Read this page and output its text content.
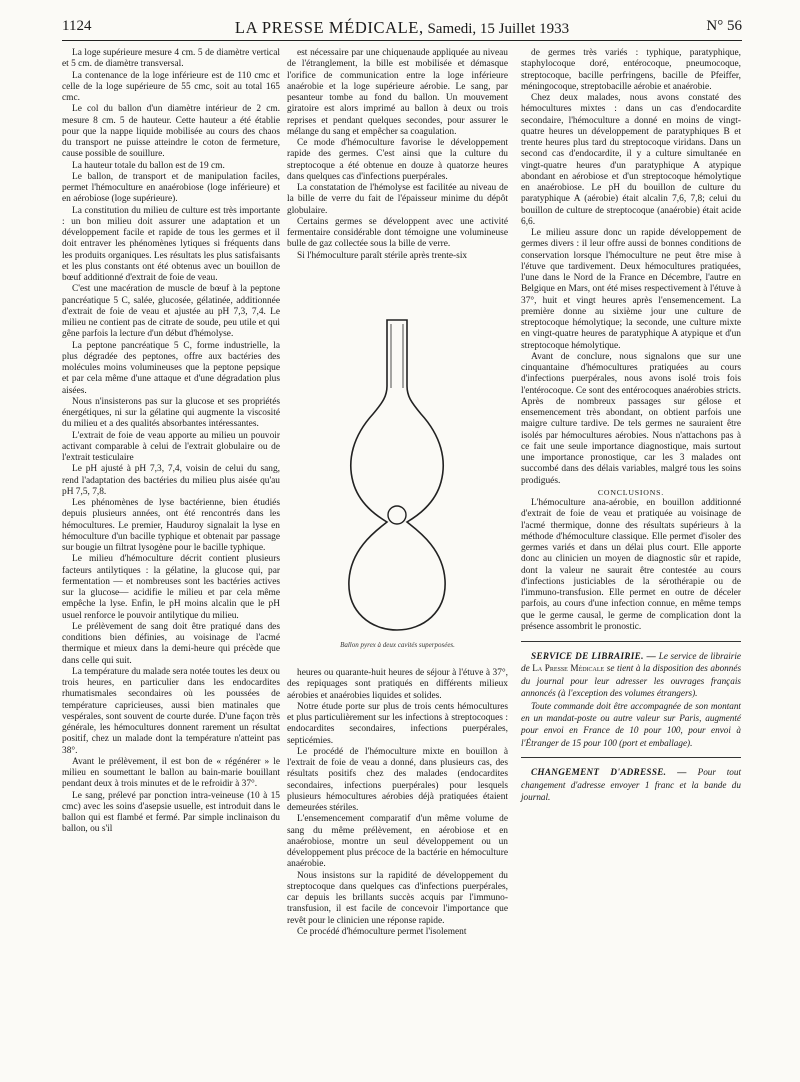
1124	LA PRESSE MÉDICALE, Samedi, 15 Juillet 1933	N° 56

La loge supérieure mesure 4 cm. 5 de diamètre vertical et 5 cm. de diamètre transversal.

La contenance de la loge inférieure est de 110 cmc et celle de la loge supérieure de 55 cmc, soit au total 165 cmc.

Le col du ballon d'un diamètre intérieur de 2 cm. mesure 8 cm. 5 de hauteur. Cette hauteur a été établie pour que la nappe liquide mobilisée au cours des chaos du transport ne puisse atteindre le coton de fermeture, cause possible de souillure.

La hauteur totale du ballon est de 19 cm.

Le ballon, de transport et de manipulation faciles, permet l'hémoculture en anaérobiose (loge inférieure) et en aérobiose (loge supérieure).

La constitution du milieu de culture est très importante : un bon milieu doit assurer une adaptation et un développement facile et rapide de tous les germes et il doit entraver les phénomènes lytiques si fréquents dans les produits organiques. Les résultats les plus satisfaisants et les plus constants ont été obtenus avec un bouillon de bœuf additionné d'extrait de foie de veau.

C'est une macération de muscle de bœuf à la peptone pancréatique 5 C, salée, glucosée, gélatinée, additionnée d'extrait de foie de veau et ajustée au pH 7,3, 7,4. Le milieu ne contient pas de citrate de soude, peu utile et qui gêne parfois la lecture d'un début d'hémolyse.

La peptone pancréatique 5 C, forme industrielle, la plus dégradée des peptones, offre aux bactéries des molécules moins volumineuses que la peptone pepsique et par cela même d'une attaque et d'une dégradation plus aisées.

Nous n'insisterons pas sur la glucose et ses propriétés énergétiques, ni sur la gélatine qui augmente la viscosité du milieu et a des qualités absorbantes intéressantes.

L'extrait de foie de veau apporte au milieu un pouvoir activant comparable à celui de l'extrait globulaire ou de l'extrait testiculaire

Le pH ajusté à pH 7,3, 7,4, voisin de celui du sang, rend l'adaptation des bactéries du milieu plus aisée qu'au pH 7,5, 7,8.

Les phénomènes de lyse bactérienne, bien étudiés depuis plusieurs années, ont été rencontrés dans les hémocultures. Le premier, Hauduroy signalait la lyse en hémoculture d'un bacille typhique et obtenait par passage sur bougie un filtrat lysogène pour le bacille typhique.

Le milieu d'hémoculture décrit contient plusieurs facteurs antilytiques : la gélatine, la glucose qui, par fermentation — et nombreuses sont les bactéries actives sur la glucose— acidifie le milieu et par cela même empêche la lyse. Enfin, le pH moins alcalin que le pH usuel renforce le pouvoir antilytique du milieu.

Le prélèvement de sang doit être pratiqué dans des conditions bien définies, au voisinage de l'acmé thermique et mieux dans la demi-heure qui précède que dans celle qui suit.

La température du malade sera notée toutes les deux ou trois heures, en particulier dans les endocardites rhumatismales secondaires où les poussées de température capricieuses, aussi bien matinales que vespérales, sont souvent de courte durée. D'une façon très générale, les hémocultures donnent rarement un résultat positif, chez un malade dont la température n'atteint pas 38°.

Avant le prélèvement, il est bon de « régénérer » le milieu en soumettant le ballon au bain-marie bouillant pendant deux à trois minutes et de le refroidir à 37°.

Le sang, prélevé par ponction intra-veineuse (10 à 15 cmc) avec les soins d'asepsie usuelle, est introduit dans le ballon qui est flambé et fermé. Par simple inclinaison du ballon, ou s'il

est nécessaire par une chiquenaude appliquée au niveau de l'étranglement, la bille est mobilisée et démasque l'orifice de communication entre la loge inférieure anaérobie et la loge supérieure aérobie. Le sang, par pesanteur tombe au fond du ballon. Un mouvement giratoire est alors imprimé au ballon à deux ou trois reprises et pendant quelques secondes, pour assurer le mélange du sang et empêcher sa coagulation.

Ce mode d'hémoculture favorise le développement rapide des germes. C'est ainsi que la culture du streptocoque a été obtenue en douze à quatorze heures dans quelques cas d'infections puerpérales.

La constatation de l'hémolyse est facilitée au niveau de la bille de verre du fait de l'épaisseur minime du dépôt globulaire.

Certains germes se développent avec une activité fermentaire considérable dont témoigne une volumineuse bulle de gaz collectée sous la bille de verre.

Si l'hémoculture paraît stérile après trente-six

Ballon pyrex à deux cavités superposées.

heures ou quarante-huit heures de séjour à l'étuve à 37°, des repiquages sont pratiqués en différents milieux aérobies et anaérobies liquides et solides.

Notre étude porte sur plus de trois cents hémocultures et plus particulièrement sur les infections à streptocoques : endocardites secondaires, infections puerpérales, septicémies.

Le procédé de l'hémoculture mixte en bouillon à l'extrait de foie de veau a donné, dans plusieurs cas, des résultats positifs chez des malades (endocardites secondaires, infections puerpérales) pour lesquels plusieurs hémocultures aérobies déjà pratiquées étaient demeurées stériles.

L'ensemencement comparatif d'un même volume de sang du même prélèvement, en aérobiose et en anaérobiose, montre un seul développement ou un développement plus précoce de la bactérie en hémoculture anaérobie.

Nous insistons sur la rapidité de développement du streptocoque dans quelques cas d'infections puerpérales, car depuis les brillants succès acquis par l'immuno-transfusion, il est facile de concevoir l'importance que revêt pour le clinicien une réponse rapide.

Ce procédé d'hémoculture permet l'isolement

de germes très variés : typhique, paratyphique, staphylocoque doré, entérocoque, pneumocoque, streptocoque, bacille perfringens, bacille de Pfeiffer, méningocoque, streptobacille aérobie et anaérobie.

Chez deux malades, nous avons constaté des hémocultures mixtes : dans un cas d'endocardite secondaire, l'hémoculture a donné en moins de vingt-quatre heures un développement de paratyphiques B et trente heures plus tard du streptocoque viridans. Dans un second cas d'endocardite, il y a culture simultanée en vingt-quatre heures d'un paratyphique A atypique abondant en aérobiose et d'un streptocoque hémolytique en anaérobiose. Le pH du bouillon de culture du paratyphique A (aérobie) était alcalin 7,6, 7,8; celui du bouillon de culture de streptocoque (anaérobie) était acide 6,6.

Le milieu assure donc un rapide développement de germes divers : il leur offre aussi de bonnes conditions de conservation lorsque l'hémoculture ne peut être mise à l'étuve que tardivement. Deux hémocultures pratiquées, l'une dans le Nord de la France en Décembre, l'autre en Belgique en Mars, ont été mises respectivement à l'étuve à 37°, huit et vingt heures après l'ensemencement. La première donne au sixième jour une culture de streptocoque hémolytique; la seconde, une culture mixte en vingt-quatre heures de paratyphique A atypique et d'un streptocoque hémolytique.

Avant de conclure, nous signalons que sur une cinquantaine d'hémocultures pratiquées au cours d'infections puerpérales, nous avons isolé trois fois l'entérocoque. Ce sont des entérocoques anaérobies stricts. Après de nombreux passages sur gélose et ensemencement très abondant, on obtient parfois une maigre culture tardive. De tels germes ne sauraient être isolés par hémocultures aérobies. Nous n'attachons pas à ce fait une seule importance diagnostique, mais surtout une importance pronostique, car les 3 malades ont succombé dans des délais variables, malgré tous les soins prodigués.

CONCLUSIONS.

L'hémoculture ana-aérobie, en bouillon additionné d'extrait de foie de veau et pratiquée au voisinage de l'acmé thermique, donne des résultats supérieurs à la méthode d'hémoculture classique. Elle permet d'isoler des germes variés et dans un délai plus court. Elle apporte donc au clinicien un moyen de diagnostic sûr et rapide, dont la valeur ne saurait être contestée au cours d'infections justiciables de la sérothérapie ou de l'immuno-transfusion. Elle permet en outre de déceler parfois, au cours d'une infection connue, en même temps que le germe causal, le germe de complication dont la présence assombrit le pronostic.

SERVICE DE LIBRAIRIE. — Le service de librairie de La Presse Médicale se tient à la disposition des abonnés du journal pour leur adresser les ouvrages français annoncés (à l'exception des volumes étrangers).

Toute commande doit être accompagnée de son montant en un mandat-poste ou autre valeur sur Paris, augmenté pour envoi en France de 10 pour 100, pour envoi à l'Étranger de 15 pour 100 (port et emballage).

CHANGEMENT D'ADRESSE. — Pour tout changement d'adresse envoyer 1 franc et la bande du journal.
